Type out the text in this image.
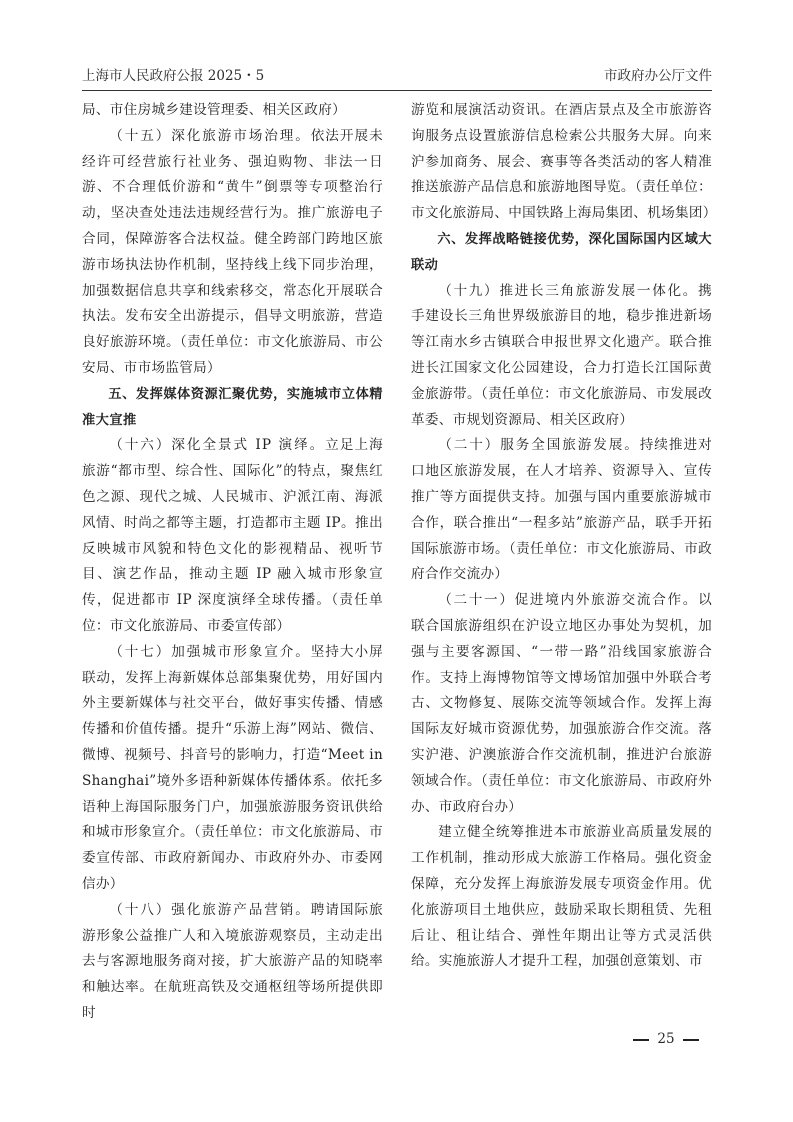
上海市人民政府公报 2025・5	市政府办公厅文件

局、市住房城乡建设管理委、相关区政府）

（十五）深化旅游市场治理。依法开展未经许可经营旅行社业务、强迫购物、非法一日游、不合理低价游和“黄牛”倒票等专项整治行动，坚决查处违法违规经营行为。推广旅游电子合同，保障游客合法权益。健全跨部门跨地区旅游市场执法协作机制，坚持线上线下同步治理，加强数据信息共享和线索移交，常态化开展联合执法。发布安全出游提示，倡导文明旅游，营造良好旅游环境。（责任单位：市文化旅游局、市公安局、市市场监管局）

五、发挥媒体资源汇聚优势，实施城市立体精准大宣推

（十六）深化全景式 IP 演绎。立足上海旅游“都市型、综合性、国际化”的特点，聚焦红色之源、现代之城、人民城市、沪派江南、海派风情、时尚之都等主题，打造都市主题 IP。推出反映城市风貌和特色文化的影视精品、视听节目、演艺作品，推动主题 IP 融入城市形象宣传，促进都市 IP 深度演绎全球传播。（责任单位：市文化旅游局、市委宣传部）

（十七）加强城市形象宣介。坚持大小屏联动，发挥上海新媒体总部集聚优势，用好国内外主要新媒体与社交平台，做好事实传播、情感传播和价值传播。提升“乐游上海”网站、微信、微博、视频号、抖音号的影响力，打造“Meet in Shanghai”境外多语种新媒体传播体系。依托多语种上海国际服务门户，加强旅游服务资讯供给和城市形象宣介。（责任单位：市文化旅游局、市委宣传部、市政府新闻办、市政府外办、市委网信办）

（十八）强化旅游产品营销。聘请国际旅游形象公益推广人和入境旅游观察员，主动走出去与客源地服务商对接，扩大旅游产品的知晓率和触达率。在航班高铁及交通枢纽等场所提供即时

游览和展演活动资讯。在酒店景点及全市旅游咨询服务点设置旅游信息检索公共服务大屏。向来沪参加商务、展会、赛事等各类活动的客人精准推送旅游产品信息和旅游地图导览。（责任单位：市文化旅游局、中国铁路上海局集团、机场集团）

六、发挥战略链接优势，深化国际国内区域大联动

（十九）推进长三角旅游发展一体化。携手建设长三角世界级旅游目的地，稳步推进新场等江南水乡古镇联合申报世界文化遗产。联合推进长江国家文化公园建设，合力打造长江国际黄金旅游带。（责任单位：市文化旅游局、市发展改革委、市规划资源局、相关区政府）

（二十）服务全国旅游发展。持续推进对口地区旅游发展，在人才培养、资源导入、宣传推广等方面提供支持。加强与国内重要旅游城市合作，联合推出“一程多站”旅游产品，联手开拓国际旅游市场。（责任单位：市文化旅游局、市政府合作交流办）

（二十一）促进境内外旅游交流合作。以联合国旅游组织在沪设立地区办事处为契机，加强与主要客源国、“一带一路”沿线国家旅游合作。支持上海博物馆等文博场馆加强中外联合考古、文物修复、展陈交流等领域合作。发挥上海国际友好城市资源优势，加强旅游合作交流。落实沪港、沪澳旅游合作交流机制，推进沪台旅游领域合作。（责任单位：市文化旅游局、市政府外办、市政府台办）

建立健全统筹推进本市旅游业高质量发展的工作机制，推动形成大旅游工作格局。强化资金保障，充分发挥上海旅游发展专项资金作用。优化旅游项目土地供应，鼓励采取长期租赁、先租后让、租让结合、弹性年期出让等方式灵活供给。实施旅游人才提升工程，加强创意策划、市

25
